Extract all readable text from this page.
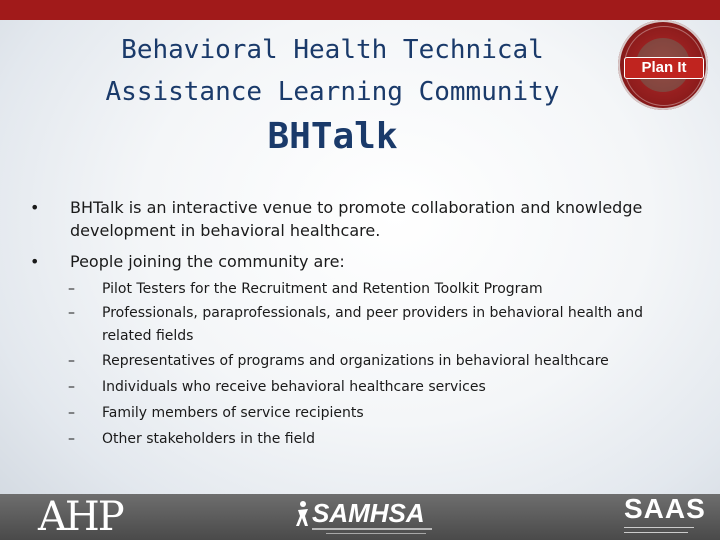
Behavioral Health Technical
Assistance Learning Community
BHTalk
Plan It
•	BHTalk is an interactive venue to promote collaboration and knowledge development in behavioral healthcare.
•	People joining the community are:
–	Pilot Testers for the Recruitment and Retention Toolkit Program
–	Professionals, paraprofessionals, and peer providers in behavioral health and related fields
–	Representatives of programs and organizations in behavioral healthcare
–	Individuals who receive behavioral healthcare services
–	Family members of service recipients
–	Other stakeholders in the field
AHP	SAMHSA	SAAS
